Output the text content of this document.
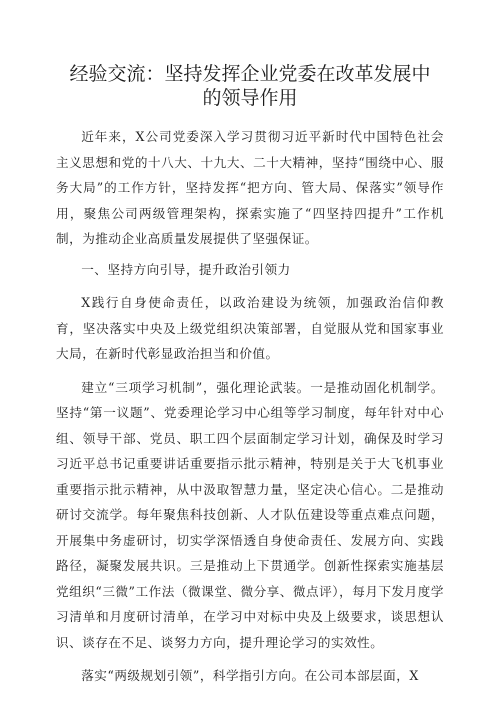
经验交流：坚持发挥企业党委在改革发展中
的领导作用

近年来，X公司党委深入学习贯彻习近平新时代中国特色社会主义思想和党的十八大、十九大、二十大精神，坚持“围绕中心、服务大局”的工作方针，坚持发挥“把方向、管大局、保落实”领导作用，聚焦公司两级管理架构，探索实施了“四坚持四提升”工作机制，为推动企业高质量发展提供了坚强保证。

一、坚持方向引导，提升政治引领力

X践行自身使命责任，以政治建设为统领，加强政治信仰教育，坚决落实中央及上级党组织决策部署，自觉服从党和国家事业大局，在新时代彰显政治担当和价值。

建立“三项学习机制”，强化理论武装。一是推动固化机制学。坚持“第一议题”、党委理论学习中心组等学习制度，每年针对中心组、领导干部、党员、职工四个层面制定学习计划，确保及时学习习近平总书记重要讲话重要指示批示精神，特别是关于大飞机事业重要指示批示精神，从中汲取智慧力量，坚定决心信心。二是推动研讨交流学。每年聚焦科技创新、人才队伍建设等重点难点问题，开展集中务虚研讨，切实学深悟透自身使命责任、发展方向、实践路径，凝聚发展共识。三是推动上下贯通学。创新性探索实施基层党组织“三微”工作法（微课堂、微分享、微点评），每月下发月度学习清单和月度研讨清单，在学习中对标中央及上级要求，谈思想认识、谈存在不足、谈努力方向，提升理论学习的实效性。

落实“两级规划引领”，科学指引方向。在公司本部层面，X
